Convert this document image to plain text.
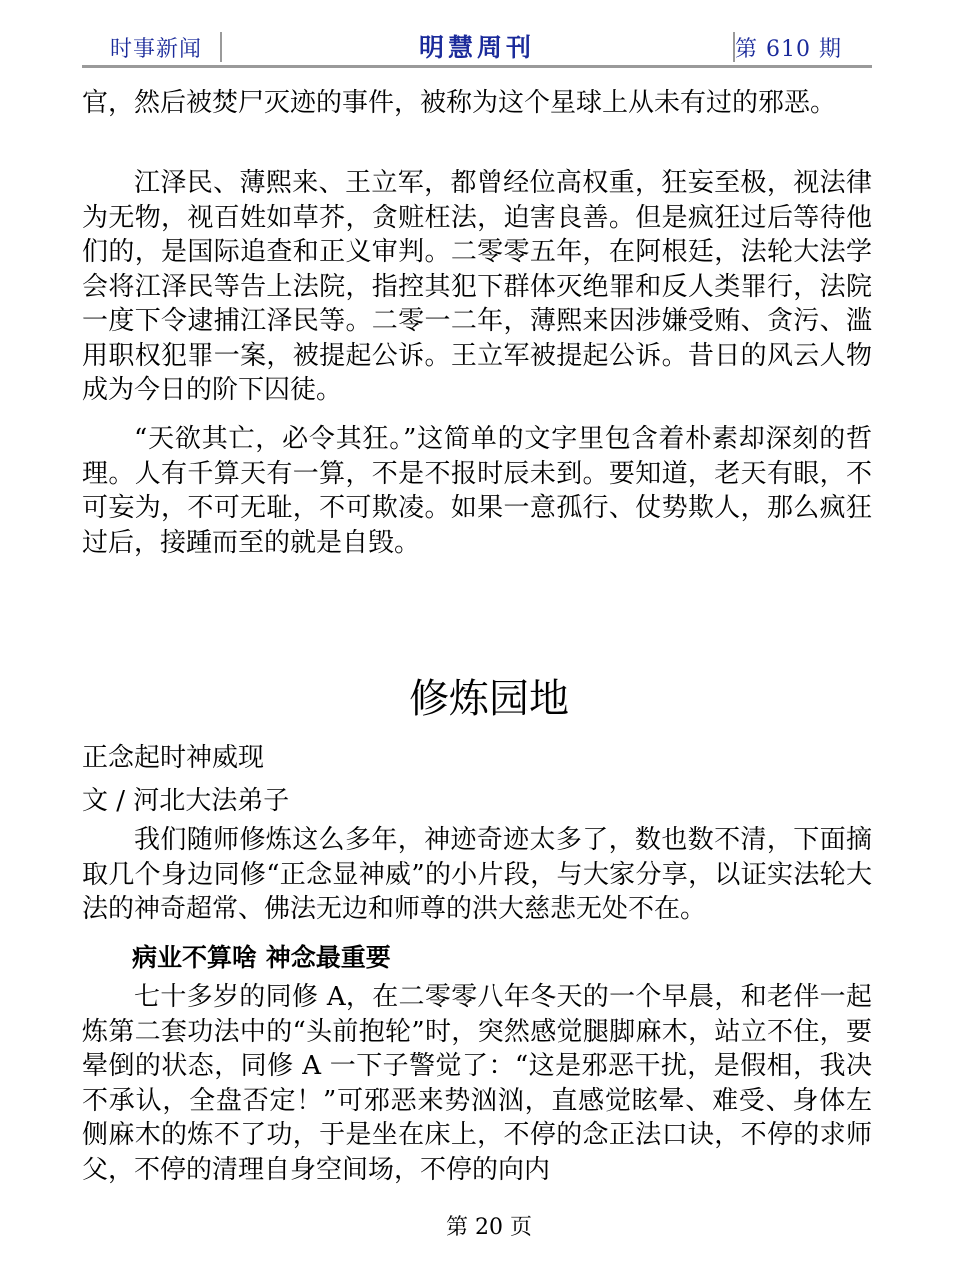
时事新闻	明慧周刊	第 610 期
官，然后被焚尸灭迹的事件，被称为这个星球上从未有过的邪恶。
江泽民、薄熙来、王立军，都曾经位高权重，狂妄至极，视法律为无物，视百姓如草芥，贪赃枉法，迫害良善。但是疯狂过后等待他们的，是国际追查和正义审判。二零零五年，在阿根廷，法轮大法学会将江泽民等告上法院，指控其犯下群体灭绝罪和反人类罪行，法院一度下令逮捕江泽民等。二零一二年，薄熙来因涉嫌受贿、贪污、滥用职权犯罪一案，被提起公诉。王立军被提起公诉。昔日的风云人物成为今日的阶下囚徒。
“天欲其亡，必令其狂。”这简单的文字里包含着朴素却深刻的哲理。人有千算天有一算，不是不报时辰未到。要知道，老天有眼，不可妄为，不可无耻，不可欺凌。如果一意孤行、仗势欺人，那么疯狂过后，接踵而至的就是自毁。
修炼园地
正念起时神威现
文 / 河北大法弟子
我们随师修炼这么多年，神迹奇迹太多了，数也数不清，下面摘取几个身边同修“正念显神威”的小片段，与大家分享，以证实法轮大法的神奇超常、佛法无边和师尊的洪大慈悲无处不在。
病业不算啥 神念最重要
七十多岁的同修 A，在二零零八年冬天的一个早晨，和老伴一起炼第二套功法中的“头前抱轮”时，突然感觉腿脚麻木，站立不住，要晕倒的状态，同修 A 一下子警觉了：“这是邪恶干扰，是假相，我决不承认，全盘否定！”可邪恶来势汹汹，直感觉眩晕、难受、身体左侧麻木的炼不了功，于是坐在床上，不停的念正法口诀，不停的求师父，不停的清理自身空间场，不停的向内
第 20 页
